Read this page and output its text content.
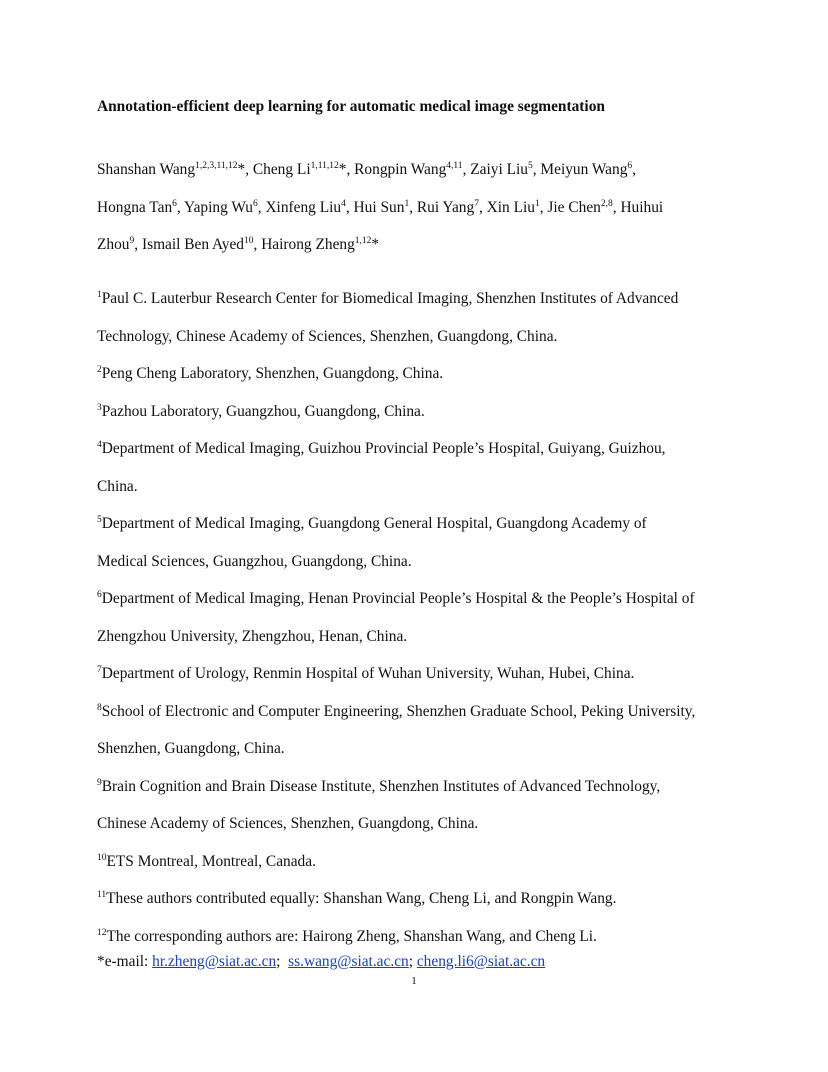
Annotation-efficient deep learning for automatic medical image segmentation
Shanshan Wang$^{1,2,3,11,12}$*, Cheng Li$^{1,11,12}$*, Rongpin Wang$^{4,11}$, Zaiyi Liu$^5$, Meiyun Wang$^6$,
Hongna Tan$^6$, Yaping Wu$^6$, Xinfeng Liu$^4$, Hui Sun$^1$, Rui Yang$^7$, Xin Liu$^1$, Jie Chen$^{2,8}$, Huihui
Zhou$^9$, Ismail Ben Ayed$^{10}$, Hairong Zheng$^{1,12}$*
$^1$Paul C. Lauterbur Research Center for Biomedical Imaging, Shenzhen Institutes of Advanced
Technology, Chinese Academy of Sciences, Shenzhen, Guangdong, China.
$^2$Peng Cheng Laboratory, Shenzhen, Guangdong, China.
$^3$Pazhou Laboratory, Guangzhou, Guangdong, China.
$^4$Department of Medical Imaging, Guizhou Provincial People’s Hospital, Guiyang, Guizhou,
China.
$^5$Department of Medical Imaging, Guangdong General Hospital, Guangdong Academy of
Medical Sciences, Guangzhou, Guangdong, China.
$^6$Department of Medical Imaging, Henan Provincial People’s Hospital & the People’s Hospital of
Zhengzhou University, Zhengzhou, Henan, China.
$^7$Department of Urology, Renmin Hospital of Wuhan University, Wuhan, Hubei, China.
$^8$School of Electronic and Computer Engineering, Shenzhen Graduate School, Peking University,
Shenzhen, Guangdong, China.
$^9$Brain Cognition and Brain Disease Institute, Shenzhen Institutes of Advanced Technology,
Chinese Academy of Sciences, Shenzhen, Guangdong, China.
$^{10}$ETS Montreal, Montreal, Canada.
$^{11}$These authors contributed equally: Shanshan Wang, Cheng Li, and Rongpin Wang.
$^{12}$The corresponding authors are: Hairong Zheng, Shanshan Wang, and Cheng Li.
*e-mail: hr.zheng@siat.ac.cn;  ss.wang@siat.ac.cn; cheng.li6@siat.ac.cn
1
